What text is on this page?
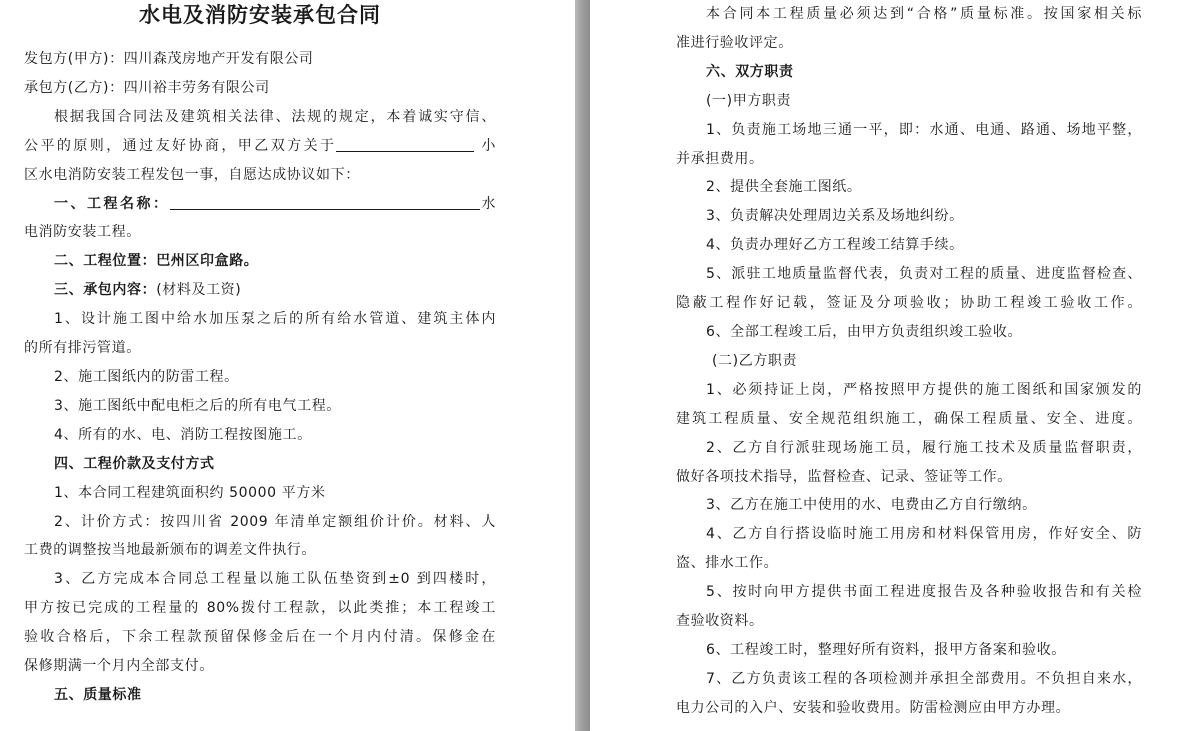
水电及消防安装承包合同

发包方(甲方)：四川森茂房地产开发有限公司

承包方(乙方)：四川裕丰劳务有限公司

根据我国合同法及建筑相关法律、法规的规定，本着诚实守信、

公平的原则，通过友好协商，甲乙双方关于	小

区水电消防安装工程发包一事，自愿达成协议如下：

一、工程名称：	水

电消防安装工程。

二、工程位置：巴州区印盒路。

三、承包内容：(材料及工资)

1、设计施工图中给水加压泵之后的所有给水管道、建筑主体内

的所有排污管道。

2、施工图纸内的防雷工程。

3、施工图纸中配电柜之后的所有电气工程。

4、所有的水、电、消防工程按图施工。

四、工程价款及支付方式

1、本合同工程建筑面积约 50000 平方米

2、计价方式：按四川省 2009 年清单定额组价计价。材料、人

工费的调整按当地最新颁布的调差文件执行。

3、乙方完成本合同总工程量以施工队伍垫资到±0 到四楼时，

甲方按已完成的工程量的 80%拨付工程款，以此类推；本工程竣工

验收合格后，下余工程款预留保修金后在一个月内付清。保修金在

保修期满一个月内全部支付。

五、质量标准

本合同本工程质量必须达到“合格”质量标准。按国家相关标

准进行验收评定。

六、双方职责

(一)甲方职责

1、负责施工场地三通一平，即：水通、电通、路通、场地平整，

并承担费用。

2、提供全套施工图纸。

3、负责解决处理周边关系及场地纠纷。

4、负责办理好乙方工程竣工结算手续。

5、派驻工地质量监督代表，负责对工程的质量、进度监督检查、

隐蔽工程作好记载，签证及分项验收；协助工程竣工验收工作。

6、全部工程竣工后，由甲方负责组织竣工验收。

(二)乙方职责

1、必须持证上岗，严格按照甲方提供的施工图纸和国家颁发的

建筑工程质量、安全规范组织施工，确保工程质量、安全、进度。

2、乙方自行派驻现场施工员，履行施工技术及质量监督职责，

做好各项技术指导，监督检查、记录、签证等工作。

3、乙方在施工中使用的水、电费由乙方自行缴纳。

4、乙方自行搭设临时施工用房和材料保管用房，作好安全、防

盗、排水工作。

5、按时向甲方提供书面工程进度报告及各种验收报告和有关检

查验收资料。

6、工程竣工时，整理好所有资料，报甲方备案和验收。

7、乙方负责该工程的各项检测并承担全部费用。不负担自来水，

电力公司的入户、安装和验收费用。防雷检测应由甲方办理。
